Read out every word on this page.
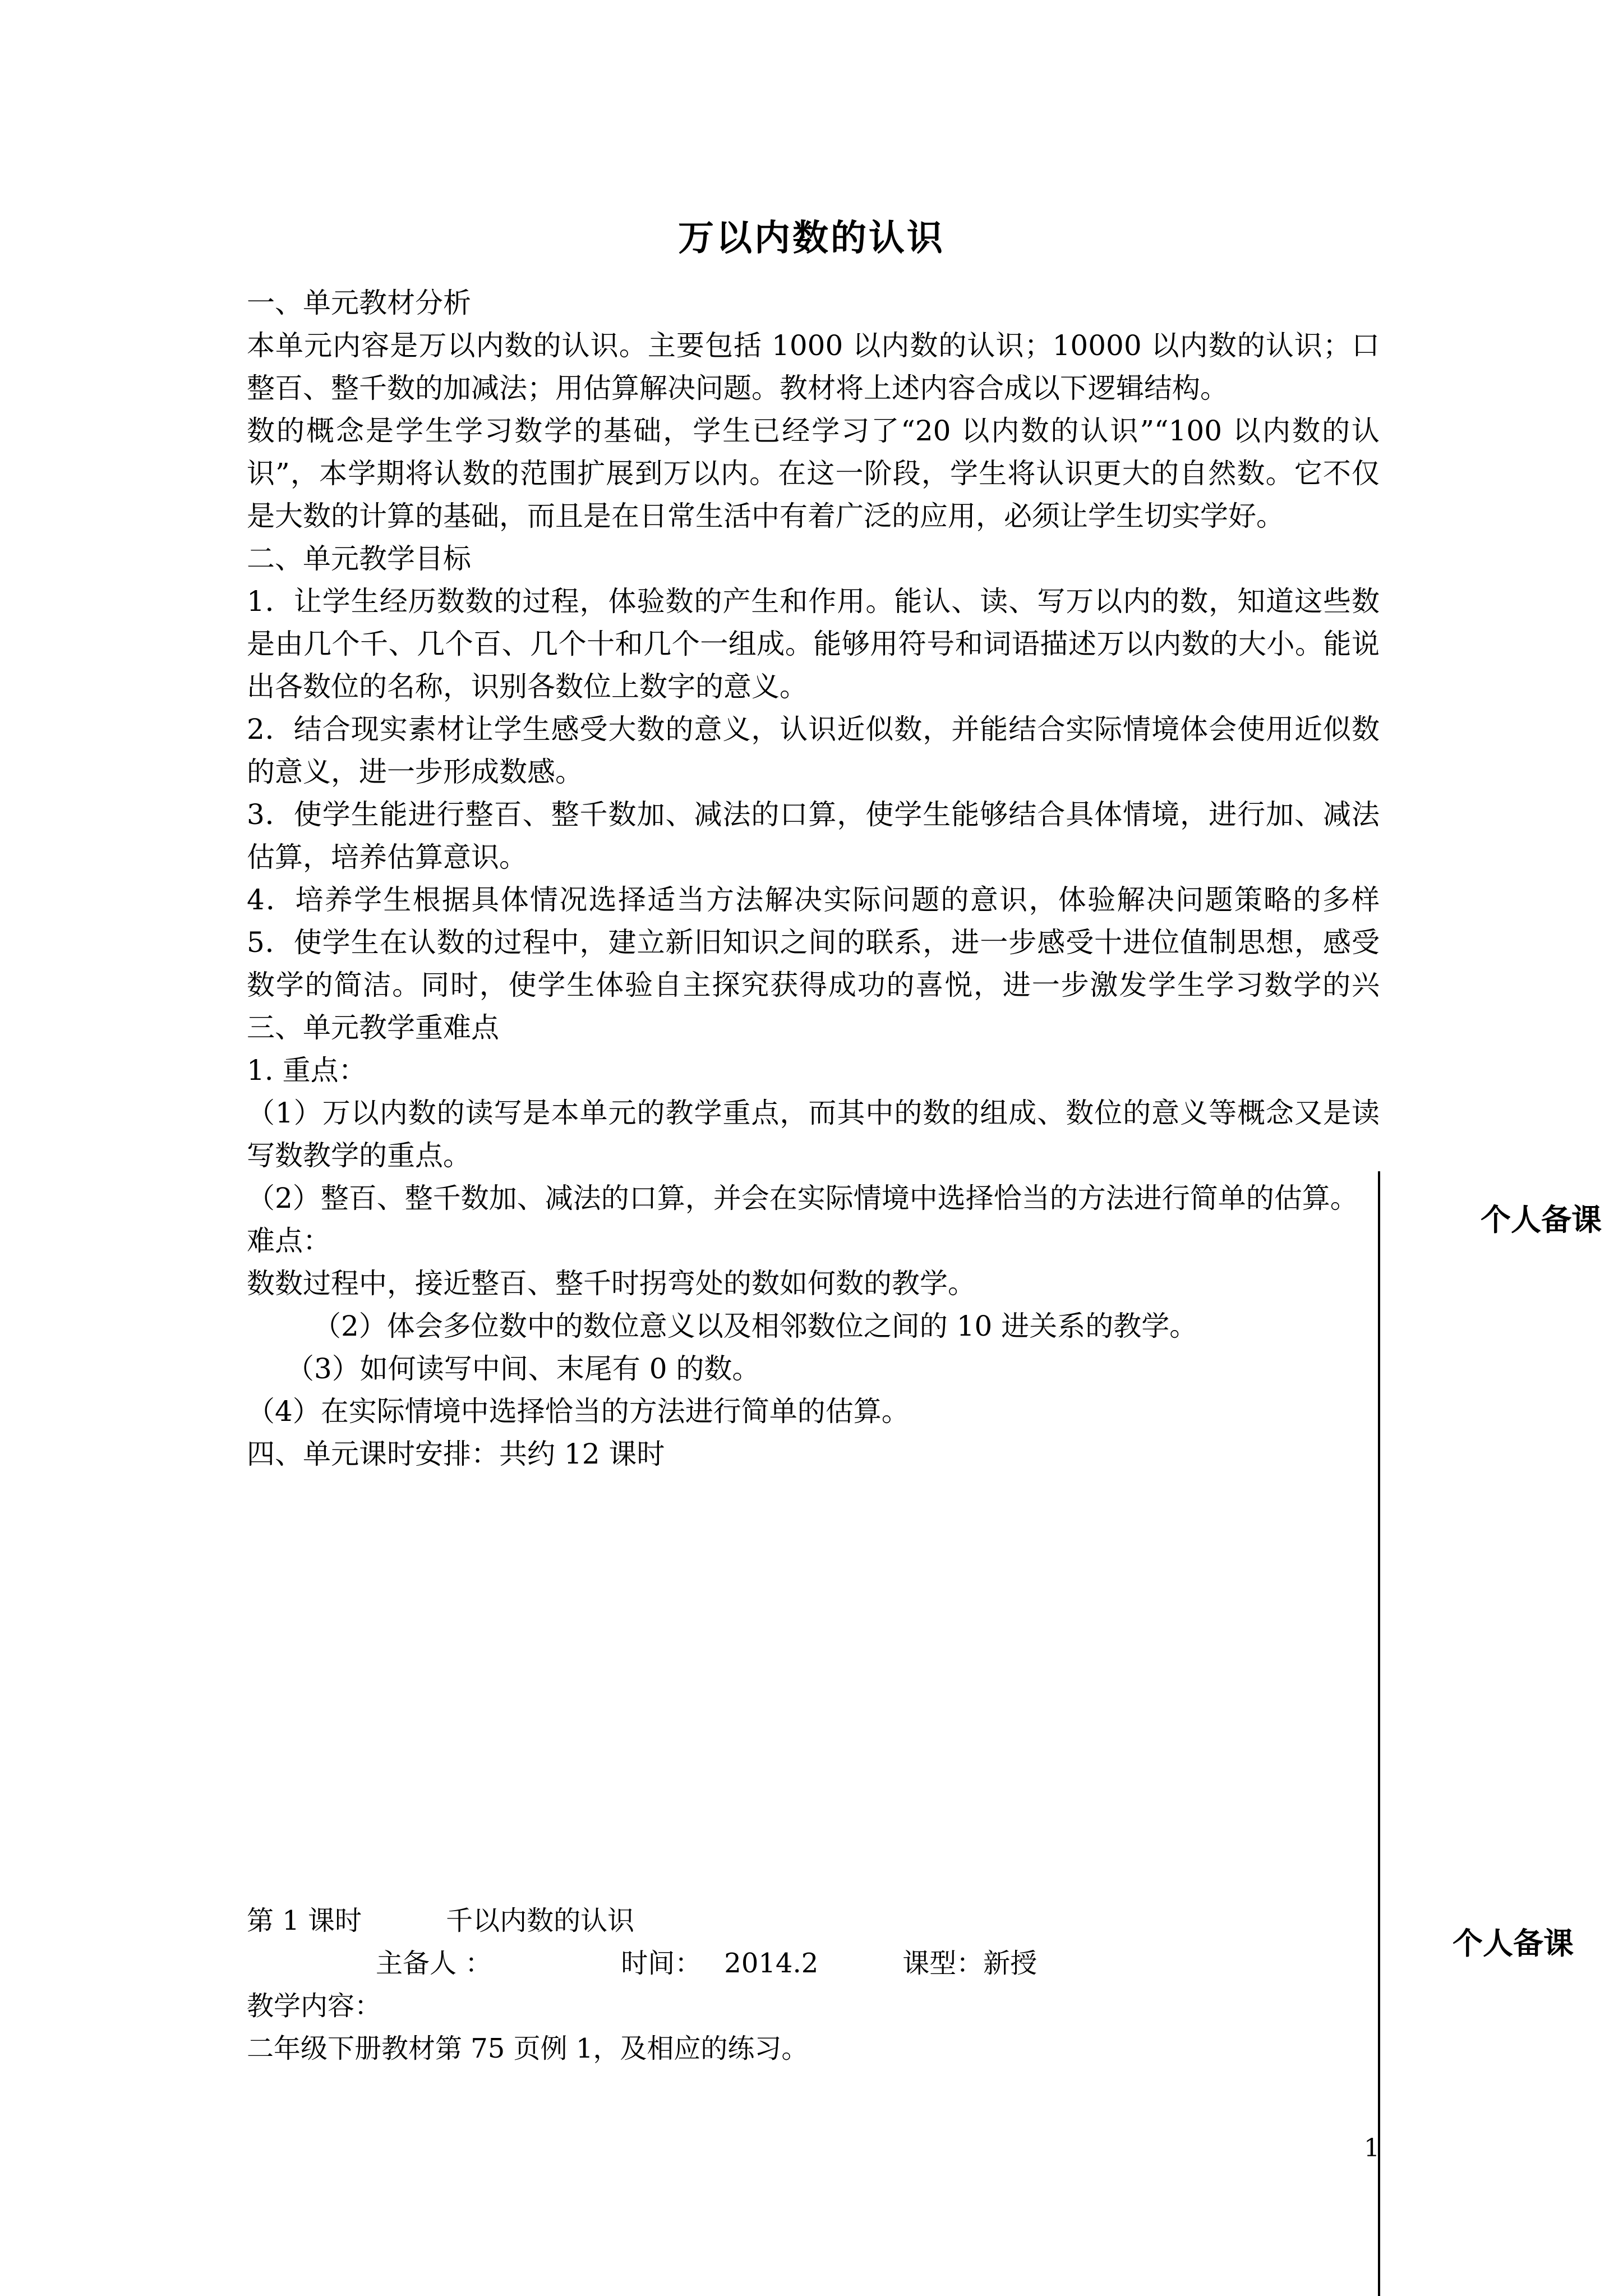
万以内数的认识
一、单元教材分析
本单元内容是万以内数的认识。主要包括 1000 以内数的认识；10000 以内数的认识；口
整百、整千数的加减法；用估算解决问题。教材将上述内容合成以下逻辑结构。
数的概念是学生学习数学的基础，学生已经学习了“20 以内数的认识”“100 以内数的认
识”，本学期将认数的范围扩展到万以内。在这一阶段，学生将认识更大的自然数。它不仅
是大数的计算的基础，而且是在日常生活中有着广泛的应用，必须让学生切实学好。
二、单元教学目标
1．让学生经历数数的过程，体验数的产生和作用。能认、读、写万以内的数，知道这些数
是由几个千、几个百、几个十和几个一组成。能够用符号和词语描述万以内数的大小。能说
出各数位的名称，识别各数位上数字的意义。
2．结合现实素材让学生感受大数的意义，认识近似数，并能结合实际情境体会使用近似数
的意义，进一步形成数感。
3．使学生能进行整百、整千数加、减法的口算，使学生能够结合具体情境，进行加、减法
估算，培养估算意识。
4．培养学生根据具体情况选择适当方法解决实际问题的意识，体验解决问题策略的多样
5．使学生在认数的过程中，建立新旧知识之间的联系，进一步感受十进位值制思想，感受
数学的简洁。同时，使学生体验自主探究获得成功的喜悦，进一步激发学生学习数学的兴
三、单元教学重难点
1. 重点：
（1）万以内数的读写是本单元的教学重点，而其中的数的组成、数位的意义等概念又是读
写数教学的重点。
（2）整百、整千数加、减法的口算，并会在实际情境中选择恰当的方法进行简单的估算。
难点：
数数过程中，接近整百、整千时拐弯处的数如何数的教学。
（2）体会多位数中的数位意义以及相邻数位之间的 10 进关系的教学。
（3）如何读写中间、末尾有 0 的数。
（4）在实际情境中选择恰当的方法进行简单的估算。
四、单元课时安排：共约 12 课时
个人备课
个人备课
第 1 课时	千以内数的认识
主备人 ：	时间： 2014.2	课型：新授
教学内容：
二年级下册教材第 75 页例 1，及相应的练习。
1
